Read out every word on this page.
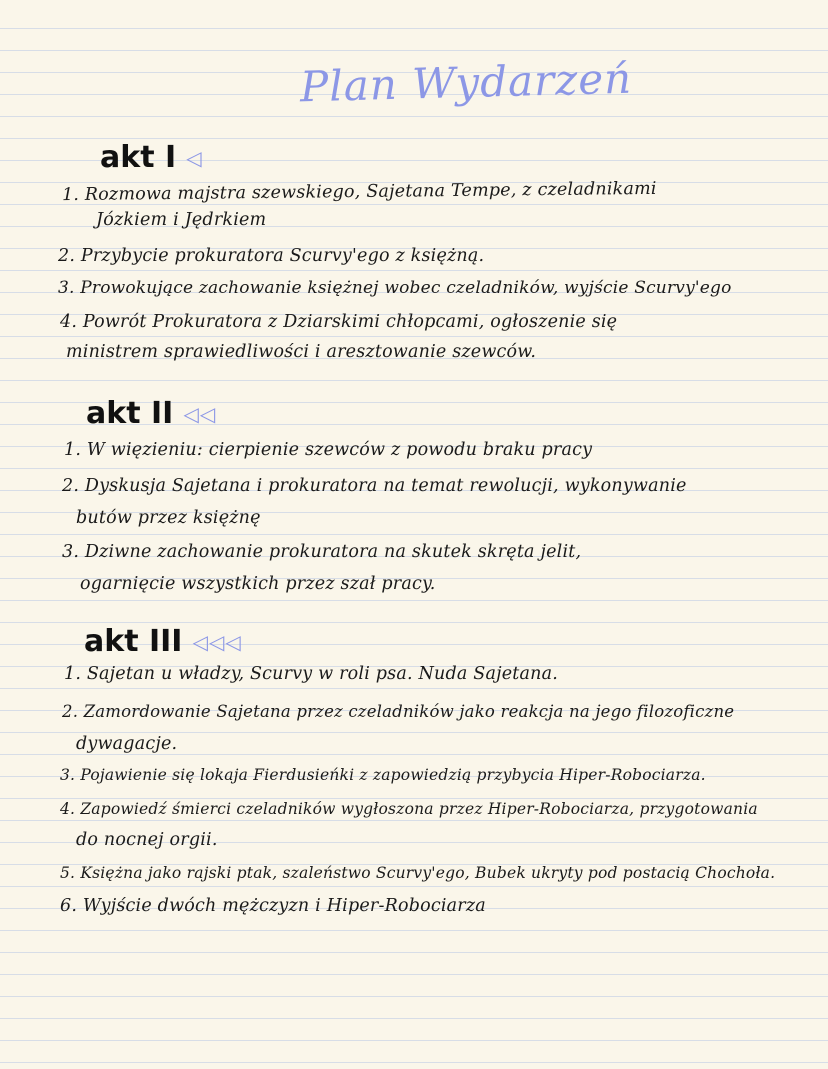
Plan Wydarzeń
akt I ◁
1. Rozmowa majstra szewskiego, Sajetana Tempe, z czeladnikami
Józkiem i Jędrkiem
2. Przybycie prokuratora Scurvy'ego z księżną.
3. Prowokujące zachowanie księżnej wobec czeladników, wyjście Scurvy'ego
4. Powrót Prokuratora z Dziarskimi chłopcami, ogłoszenie się
ministrem sprawiedliwości i aresztowanie szewców.
akt II ◁◁
1. W więzieniu: cierpienie szewców z powodu braku pracy
2. Dyskusja Sajetana i prokuratora na temat rewolucji, wykonywanie
butów przez księżnę
3. Dziwne zachowanie prokuratora na skutek skręta jelit,
ogarnięcie wszystkich przez szał pracy.
akt III ◁◁◁
1. Sajetan u władzy, Scurvy w roli psa. Nuda Sajetana.
2. Zamordowanie Sajetana przez czeladników jako reakcja na jego filozoficzne
dywagacje.
3. Pojawienie się lokaja Fierdusieńki z zapowiedzią przybycia Hiper-Robociarza.
4. Zapowiedź śmierci czeladników wygłoszona przez Hiper-Robociarza, przygotowania
do nocnej orgii.
5. Księżna jako rajski ptak, szaleństwo Scurvy'ego, Bubek ukryty pod postacią Chochoła.
6. Wyjście dwóch mężczyzn i Hiper-Robociarza
